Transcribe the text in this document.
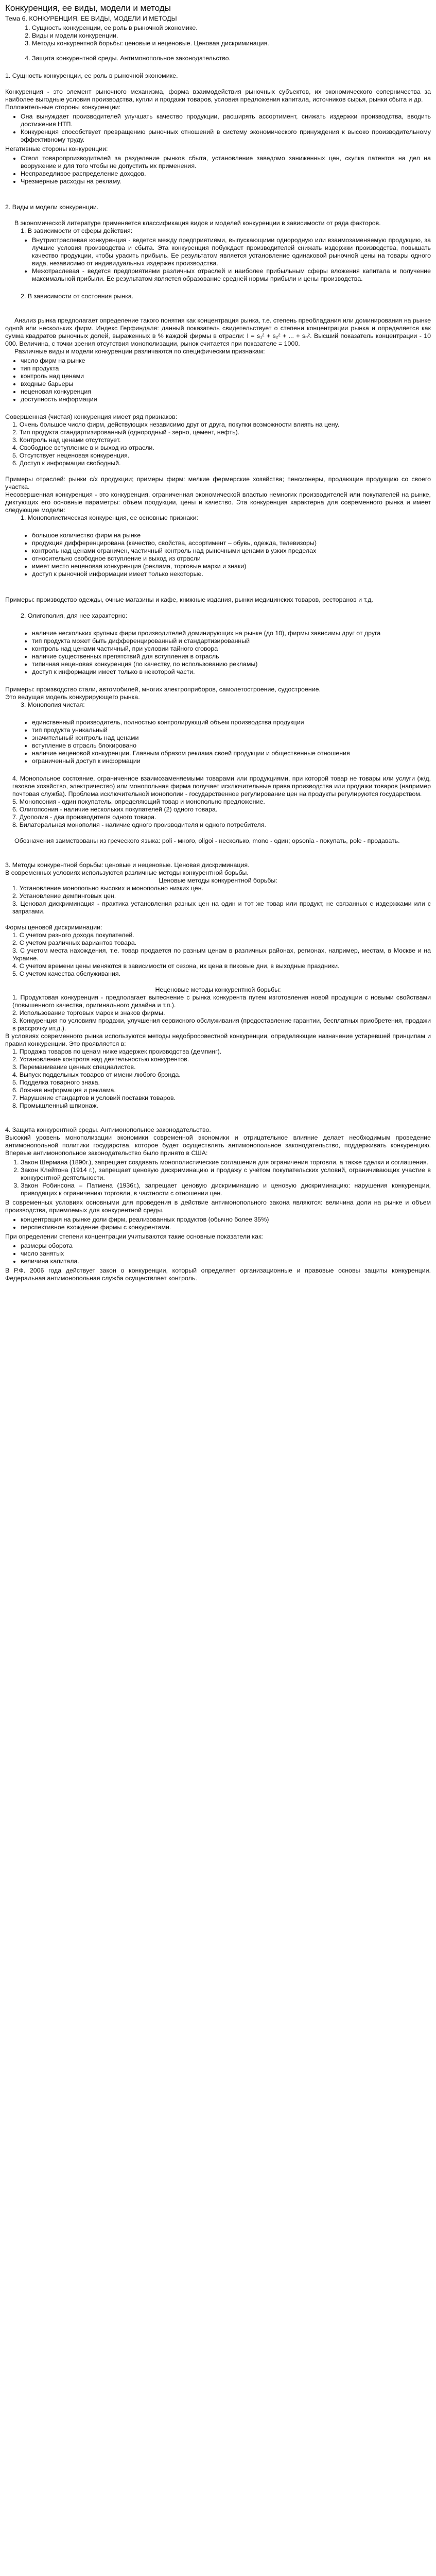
Конкуренция, ее виды, модели и методы

Тема 6. КОНКУРЕНЦИЯ, ЕЕ ВИДЫ, МОДЕЛИ И МЕТОДЫ

1. Сущность конкуренции, ее роль в рыночной экономике.
2. Виды и модели конкуренции.
3. Методы конкурентной борьбы: ценовые и неценовые. Ценовая дискриминация.
4. Защита конкурентной среды. Антимонопольное законодательство.

1. Сущность конкуренции, ее роль в рыночной экономике.

Конкуренция - это элемент рыночного механизма, форма взаимодействия рыночных субъектов, их экономического соперничества за наиболее выгодные условия производства, купли и продажи товаров, условия предложения капитала, источников сырья, рынки сбыта и др.

Положительные стороны конкуренции:

• Она вынуждает производителей улучшать качество продукции, расширять ассортимент, снижать издержки производства, вводить достижения НТП.
• Конкуренция способствует превращению рыночных отношений в систему экономического принуждения к высоко производительному эффективному труду.

Негативные стороны конкуренции:

• Ствол товаропроизводителей за разделение рынков сбыта, установление заведомо заниженных цен, скупка патентов на дел на вооружение и для того чтобы не допустить их применения.
• Несправедливое распределение доходов.
• Чрезмерные расходы на рекламу.

2. Виды и модели конкуренции.

В экономической литературе применяется классификация видов и моделей конкуренции в зависимости от ряда факторов.

1. В зависимости от сферы действия:

• Внутриотраслевая конкуренция - ведется между предприятиями, выпускающими однородную или взаимозаменяемую продукцию, за лучшие условия производства и сбыта. Эта конкуренция побуждает производителей снижать издержки производства, повышать качество продукции, чтобы урасить прибыль. Ее результатом является установление одинаковой рыночной цены на товары одного вида, независимо от индивидуальных издержек производства.
• Межотраслевая - ведется предприятиями различных отраслей и наиболее прибыльным сферы вложения капитала и получение максимальной прибыли. Ее результатом является образование средней нормы прибыли и цены производства.

2. В зависимости от состояния рынка.

Анализ рынка предполагает определение такого понятия как концентрация рынка, т.е. степень преобладания или доминирования на рынке одной или нескольких фирм. Индекс Герфиндаля: данный показатель свидетельствует о степени концентрации рынка и определяется как сумма квадратов рыночных долей, выраженных в % каждой фирмы в отрасли: I = s₁² + s₂² + ... + sₙ². Высший показатель концентрации - 10 000. Величина, с точки зрения отсутствия монополизации, рынок считается при показателе = 1000.

Различные виды и модели конкуренции различаются по специфическим признакам:

• число фирм на рынке
• тип продукта
• контроль над ценами
• входные барьеры
• неценовая конкуренция
• доступность информации

Совершенная (чистая) конкуренция имеет ряд признаков:

1. Очень большое число фирм, действующих независимо друг от друга, покупки возможности влиять на цену.

2. Тип продукта стандартизированный (однородный - зерно, цемент, нефть).

3. Контроль над ценами отсутствует.

4. Свободное вступление в и выход из отрасли.

5. Отсутствует неценовая конкуренция.

6. Доступ к информации свободный.

Примеры отраслей: рынки с/х продукции; примеры фирм: мелкие фермерские хозяйства; пенсионеры, продающие продукцию со своего участка.

Несовершенная конкуренция - это конкуренция, ограниченная экономической властью немногих производителей или покупателей на рынке, диктующих его основные параметры: объем продукции, цены и качество. Эта конкуренция характерна для современного рынка и имеет следующие модели:

1. Монополистическая конкуренция, ее основные признаки:

• большое количество фирм на рынке
• продукция дифференцирована (качество, свойства, ассортимент – обувь, одежда, телевизоры)
• контроль над ценами ограничен, частичный контроль над рыночными ценами в узких пределах
• относительно свободное вступление и выход из отрасли
• имеет место неценовая конкуренция (реклама, торговые марки и знаки)
• доступ к рыночной информации имеет только некоторые.

Примеры: производство одежды, очные магазины и кафе, книжные издания, рынки медицинских товаров, ресторанов и т.д.

2. Олигополия, для нее характерно:

• наличие нескольких крупных фирм производителей доминирующих на рынке (до 10), фирмы зависимы друг от друга
• тип продукта может быть дифференцированный и стандартизированный
• контроль над ценами частичный, при условии тайного сговора
• наличие существенных препятствий для вступления в отрасль
• типичная неценовая конкуренция (по качеству, по использованию рекламы)
• доступ к информации имеет только в некоторой части.

Примеры: производство стали, автомобилей, многих электроприборов, самолетостроение, судостроение.

Это ведущая модель конкурирующего рынка.

3. Монополия чистая:

• единственный производитель, полностью контролирующий объем производства продукции
• тип продукта уникальный
• значительный контроль над ценами
• вступление в отрасль блокировано
• наличие неценовой конкуренции. Главным образом реклама своей продукции и общественные отношения
• ограниченный доступ к информации

4. Монопольное состояние, ограниченное взаимозаменяемыми товарами или продукциями, при которой товар не товары или услуги (ж/д, газовое хозяйство, электричество) или монопольная фирма получает исключительные права производства или продажи товаров (например почтовая служба). Проблема исключительной монополии - государственное регулирование цен на продукты регулируются государством.

5. Монопсония - один покупатель, определяющий товар и монопольно предложение.

6. Олигопсония - наличие нескольких покупателей (2) одного товара.

7. Дуополия - два производителя одного товара.

8. Билатеральная монополия - наличие одного производителя и одного потребителя.

Обозначения заимствованы из греческого языка: poli - много, oligoi - несколько, mono - один; opsonia - покупать, pole - продавать.

3. Методы конкурентной борьбы: ценовые и неценовые. Ценовая дискриминация.

В современных условиях используются различные методы конкурентной борьбы.

Ценовые методы конкурентной борьбы:

1. Установление монопольно высоких и монопольно низких цен.

2. Установление демпинговых цен.

3. Ценовая дискриминация - практика установления разных цен на один и тот же товар или продукт, не связанных с издержками или с затратами.

Формы ценовой дискриминации:

1. С учетом разного дохода покупателей.

2. С учетом различных вариантов товара.

3. С учетом места нахождения, т.е. товар продается по разным ценам в различных районах, регионах, например, местам, в Москве и на Украине.

4. С учетом времени цены меняются в зависимости от сезона, их цена в пиковые дни, в выходные праздники.

5. С учетом качества обслуживания.

Неценовые методы конкурентной борьбы:

1. Продуктовая конкуренция - предполагает вытеснение с рынка конкурента путем изготовления новой продукции с новыми свойствами (повышенного качества, оригинального дизайна и т.п.).

2. Использование торговых марок и знаков фирмы.

3. Конкуренция по условиям продажи, улучшения сервисного обслуживания (предоставление гарантии, бесплатных приобретения, продажи в рассрочку ит.д.).

В условиях современного рынка используются методы недобросовестной конкуренции, определяющие назначение устаревшей принципам и правил конкуренции. Это проявляется в:

1. Продажа товаров по ценам ниже издержек производства (демпинг).

2. Установление контроля над деятельностью конкурентов.

3. Переманивание ценных специалистов.

4. Выпуск поддельных товаров от имени любого брэнда.

5. Подделка товарного знака.

6. Ложная информация и реклама.

7. Нарушение стандартов и условий поставки товаров.

8. Промышленный шпионаж.

4. Защита конкурентной среды. Антимонопольное законодательство.

Высокий уровень монополизации экономики современной экономики и отрицательное влияние делает необходимым проведение антимонопольной политики государства, которое будет осуществлять антимонопольное законодательство, поддерживать конкуренцию. Впервые антимонопольное законодательство было принято в США:

1. Закон Шермана (1890г.), запрещает создавать монополистические соглашения для ограничения торговли, а также сделки и соглашения.
2. Закон Клейтона (1914 г.), запрещает ценовую дискриминацию и продажу с учётом покупательских условий, ограничивающих участие в конкурентной деятельности.
3. Закон Робинсона – Патмена (1936г.), запрещает ценовую дискриминацию и ценовую дискриминацию: нарушения конкуренции, приводящих к ограничению торговли, в частности с отношении цен.

В современных условиях основными для проведения в действие антимонопольного закона являются: величина доли на рынке и объем производства, приемлемых для конкурентной среды.

• концентрация на рынке доли фирм, реализованных продуктов (обычно более 35%)
• перспективное вхождение фирмы с конкурентами.

При определении степени концентрации учитываются такие основные показатели как:

• размеры оборота
• число занятых
• величина капитала.

В Р.Ф. 2006 года действует закон о конкуренции, который определяет организационные и правовые основы защиты конкуренции. Федеральная антимонопольная служба осуществляет контроль.
